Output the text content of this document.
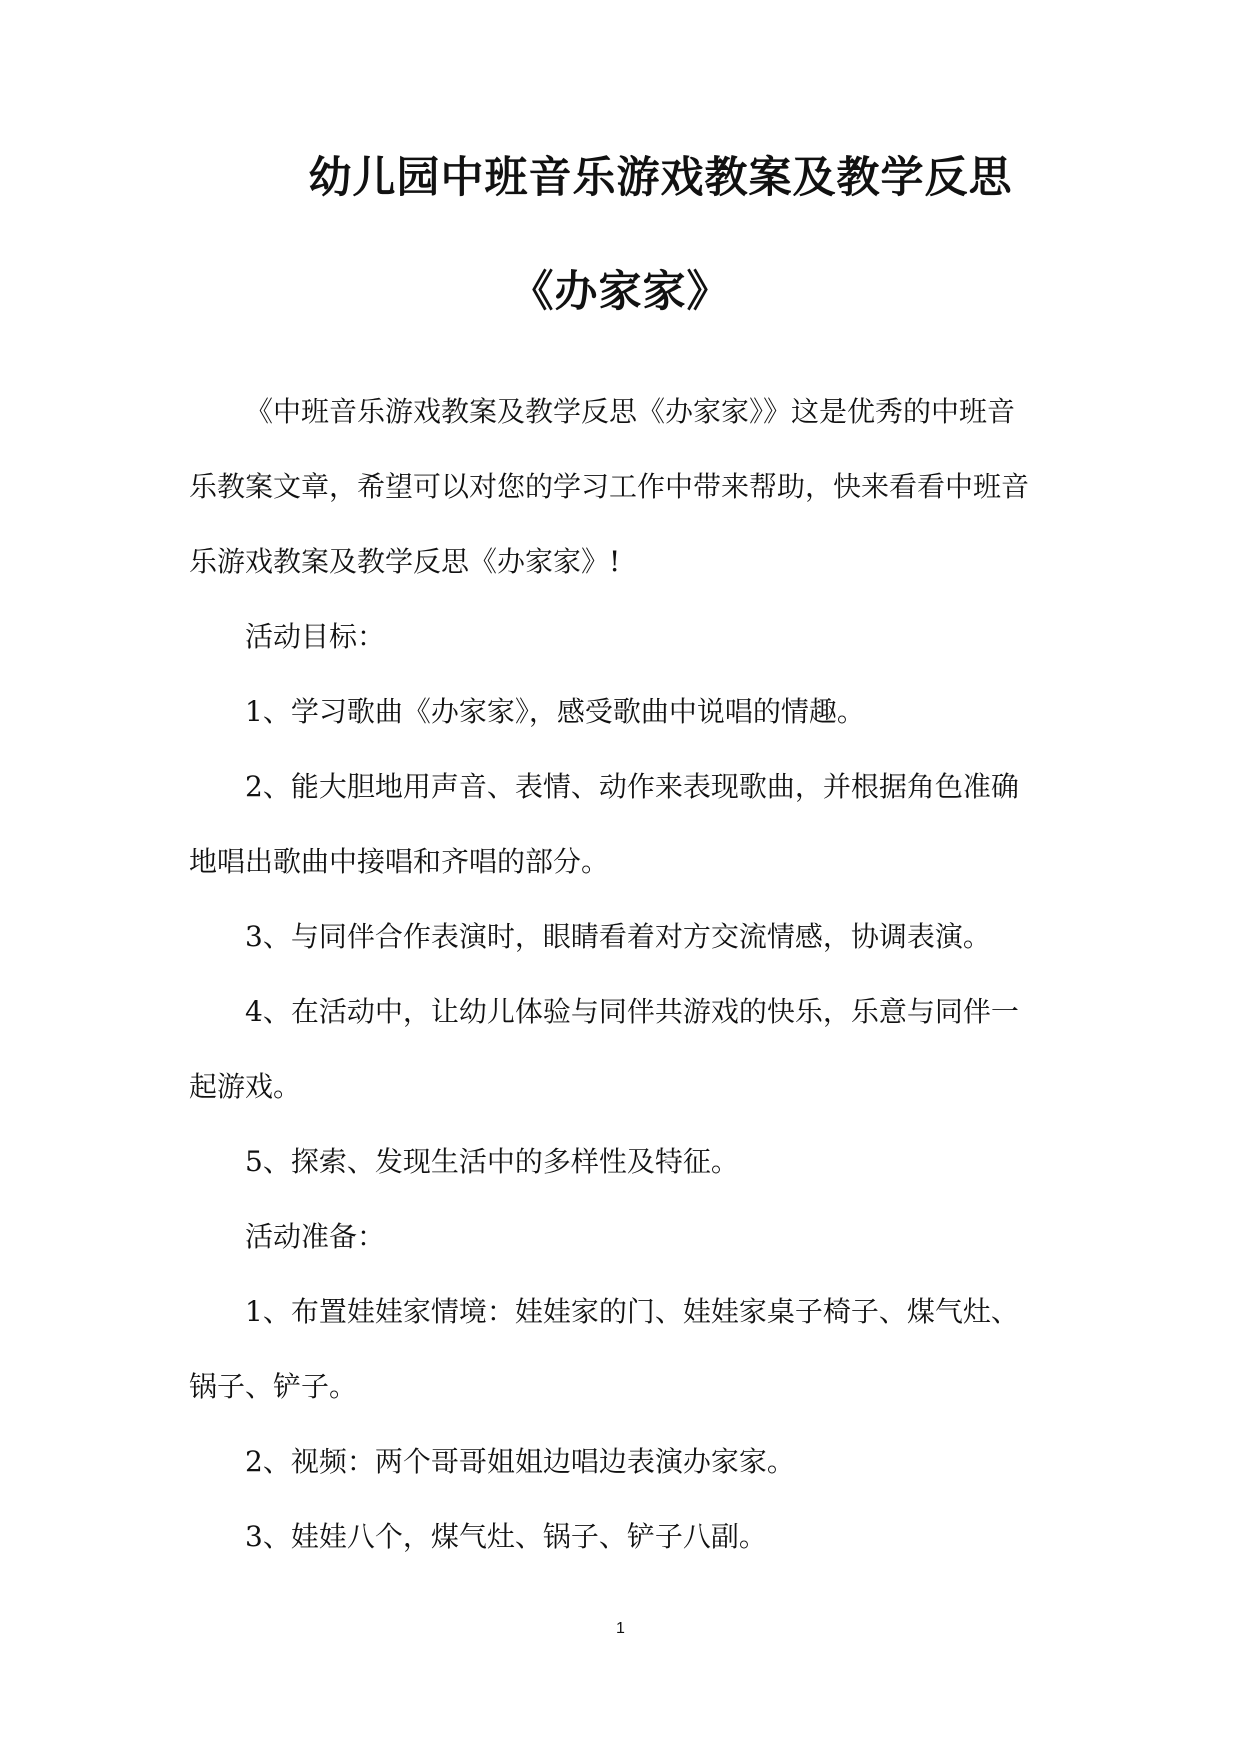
幼儿园中班音乐游戏教案及教学反思
《办家家》
《中班音乐游戏教案及教学反思《办家家》》这是优秀的中班音
乐教案文章，希望可以对您的学习工作中带来帮助，快来看看中班音
乐游戏教案及教学反思《办家家》!
活动目标：
1、学习歌曲《办家家》，感受歌曲中说唱的情趣。
2、能大胆地用声音、表情、动作来表现歌曲，并根据角色准确
地唱出歌曲中接唱和齐唱的部分。
3、与同伴合作表演时，眼睛看着对方交流情感，协调表演。
4、在活动中，让幼儿体验与同伴共游戏的快乐，乐意与同伴一
起游戏。
5、探索、发现生活中的多样性及特征。
活动准备：
1、布置娃娃家情境：娃娃家的门、娃娃家桌子椅子、煤气灶、
锅子、铲子。
2、视频：两个哥哥姐姐边唱边表演办家家。
3、娃娃八个，煤气灶、锅子、铲子八副。
1
